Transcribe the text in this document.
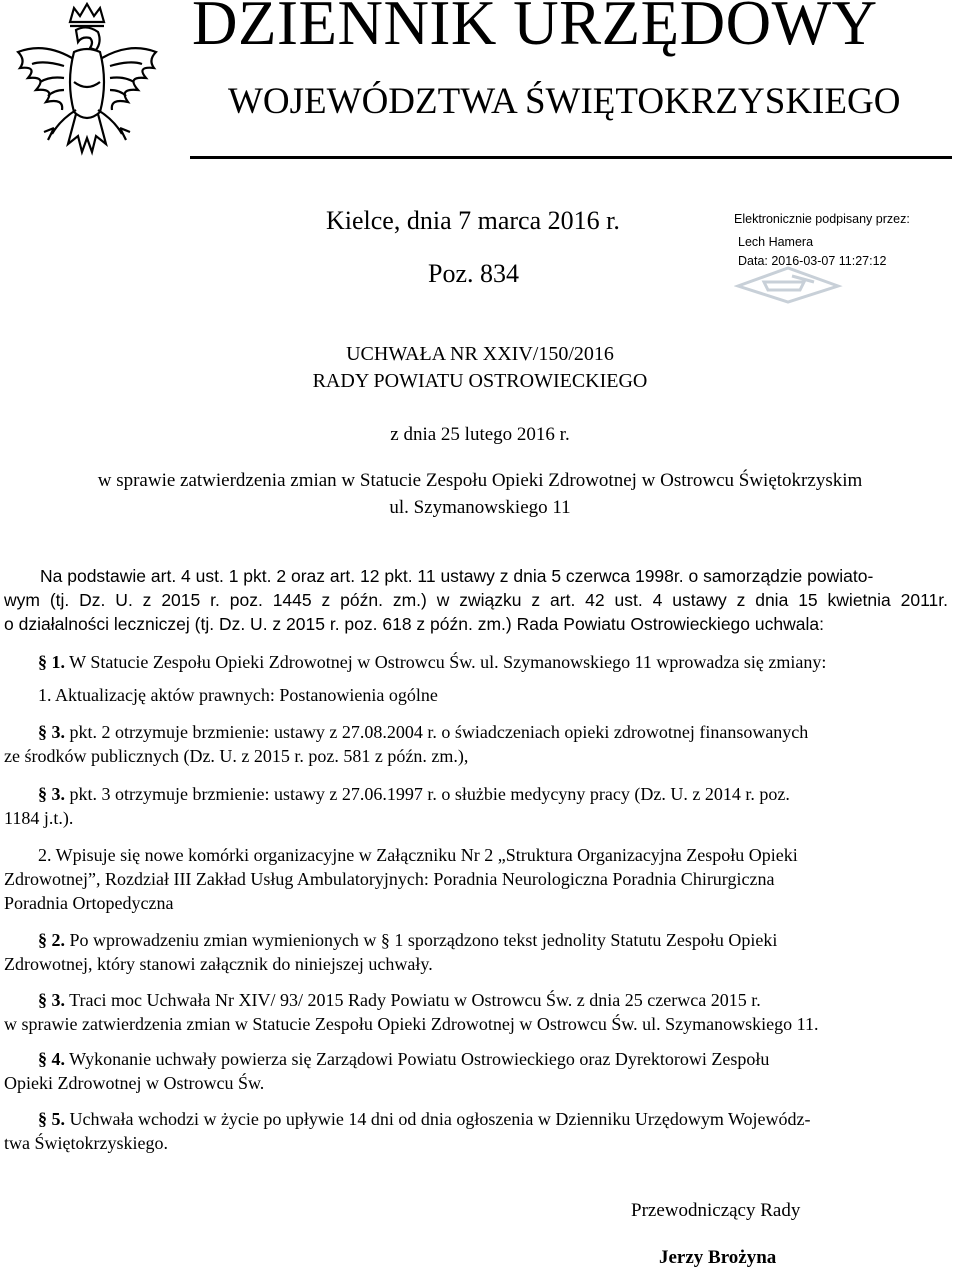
DZIENNIK URZĘDOWY
WOJEWÓDZTWA ŚWIĘTOKRZYSKIEGO
Kielce, dnia 7 marca 2016 r.
Poz. 834
Elektronicznie podpisany przez:
Lech Hamera
Data: 2016-03-07 11:27:12
UCHWAŁA NR XXIV/150/2016
RADY POWIATU OSTROWIECKIEGO
z dnia 25 lutego 2016 r.
w sprawie zatwierdzenia zmian w Statucie Zespołu Opieki Zdrowotnej w Ostrowcu Świętokrzyskim
ul. Szymanowskiego 11
Na podstawie art. 4 ust. 1 pkt. 2 oraz art. 12 pkt. 11 ustawy z dnia 5 czerwca 1998r. o samorządzie powiato-
wym (tj. Dz. U. z 2015 r. poz. 1445 z późn. zm.) w związku z art. 42 ust. 4 ustawy z dnia 15 kwietnia 2011r.
o działalności leczniczej (tj. Dz. U. z 2015 r. poz. 618 z późn. zm.) Rada Powiatu Ostrowieckiego uchwala:
§ 1. W Statucie Zespołu Opieki Zdrowotnej w Ostrowcu Św. ul. Szymanowskiego 11 wprowadza się zmiany:
1. Aktualizację aktów prawnych: Postanowienia ogólne
§ 3. pkt. 2 otrzymuje brzmienie: ustawy z 27.08.2004 r. o świadczeniach opieki zdrowotnej finansowanych
ze środków publicznych (Dz. U. z 2015 r. poz. 581 z późn. zm.),
§ 3. pkt. 3 otrzymuje brzmienie: ustawy z 27.06.1997 r. o służbie medycyny pracy (Dz. U. z 2014 r. poz.
1184 j.t.).
2. Wpisuje się nowe komórki organizacyjne w Załączniku Nr 2 „Struktura Organizacyjna Zespołu Opieki
Zdrowotnej”, Rozdział III Zakład Usług Ambulatoryjnych: Poradnia Neurologiczna Poradnia Chirurgiczna
Poradnia Ortopedyczna
§ 2. Po wprowadzeniu zmian wymienionych w § 1 sporządzono tekst jednolity Statutu Zespołu Opieki
Zdrowotnej, który stanowi załącznik do niniejszej uchwały.
§ 3. Traci moc Uchwała Nr XIV/ 93/ 2015 Rady Powiatu w Ostrowcu Św. z dnia 25 czerwca 2015 r.
w sprawie zatwierdzenia zmian w Statucie Zespołu Opieki Zdrowotnej w Ostrowcu Św. ul. Szymanowskiego 11.
§ 4. Wykonanie uchwały powierza się Zarządowi Powiatu Ostrowieckiego oraz Dyrektorowi Zespołu
Opieki Zdrowotnej w Ostrowcu Św.
§ 5. Uchwała wchodzi w życie po upływie 14 dni od dnia ogłoszenia w Dzienniku Urzędowym Wojewódz-
twa Świętokrzyskiego.
Przewodniczący Rady
Jerzy Brożyna
